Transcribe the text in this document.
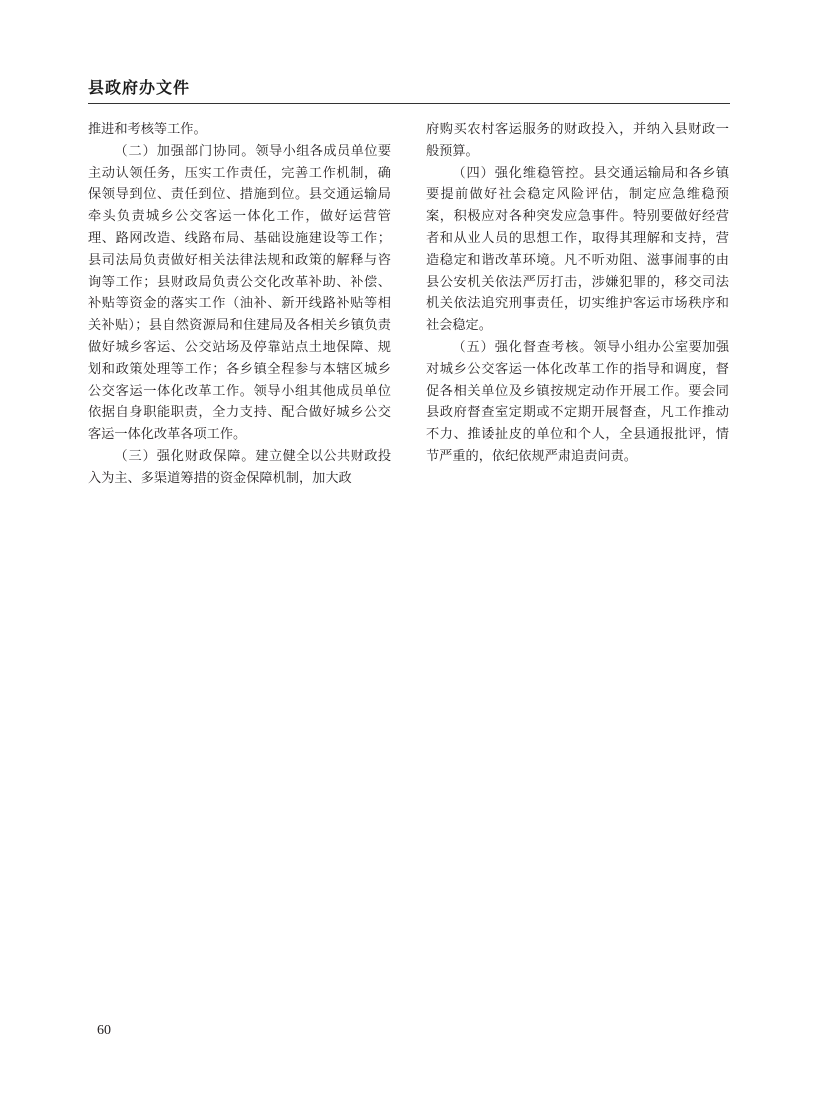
县政府办文件

推进和考核等工作。

（二）加强部门协同。领导小组各成员单位要主动认领任务，压实工作责任，完善工作机制，确保领导到位、责任到位、措施到位。县交通运输局牵头负责城乡公交客运一体化工作，做好运营管理、路网改造、线路布局、基础设施建设等工作；县司法局负责做好相关法律法规和政策的解释与咨询等工作；县财政局负责公交化改革补助、补偿、补贴等资金的落实工作（油补、新开线路补贴等相关补贴）；县自然资源局和住建局及各相关乡镇负责做好城乡客运、公交站场及停靠站点土地保障、规划和政策处理等工作；各乡镇全程参与本辖区城乡公交客运一体化改革工作。领导小组其他成员单位依据自身职能职责，全力支持、配合做好城乡公交客运一体化改革各项工作。

（三）强化财政保障。建立健全以公共财政投入为主、多渠道筹措的资金保障机制，加大政

府购买农村客运服务的财政投入，并纳入县财政一般预算。

（四）强化维稳管控。县交通运输局和各乡镇要提前做好社会稳定风险评估，制定应急维稳预案，积极应对各种突发应急事件。特别要做好经营者和从业人员的思想工作，取得其理解和支持，营造稳定和谐改革环境。凡不听劝阻、滋事闹事的由县公安机关依法严厉打击，涉嫌犯罪的，移交司法机关依法追究刑事责任，切实维护客运市场秩序和社会稳定。

（五）强化督查考核。领导小组办公室要加强对城乡公交客运一体化改革工作的指导和调度，督促各相关单位及乡镇按规定动作开展工作。要会同县政府督查室定期或不定期开展督查，凡工作推动不力、推诿扯皮的单位和个人，全县通报批评，情节严重的，依纪依规严肃追责问责。

60
